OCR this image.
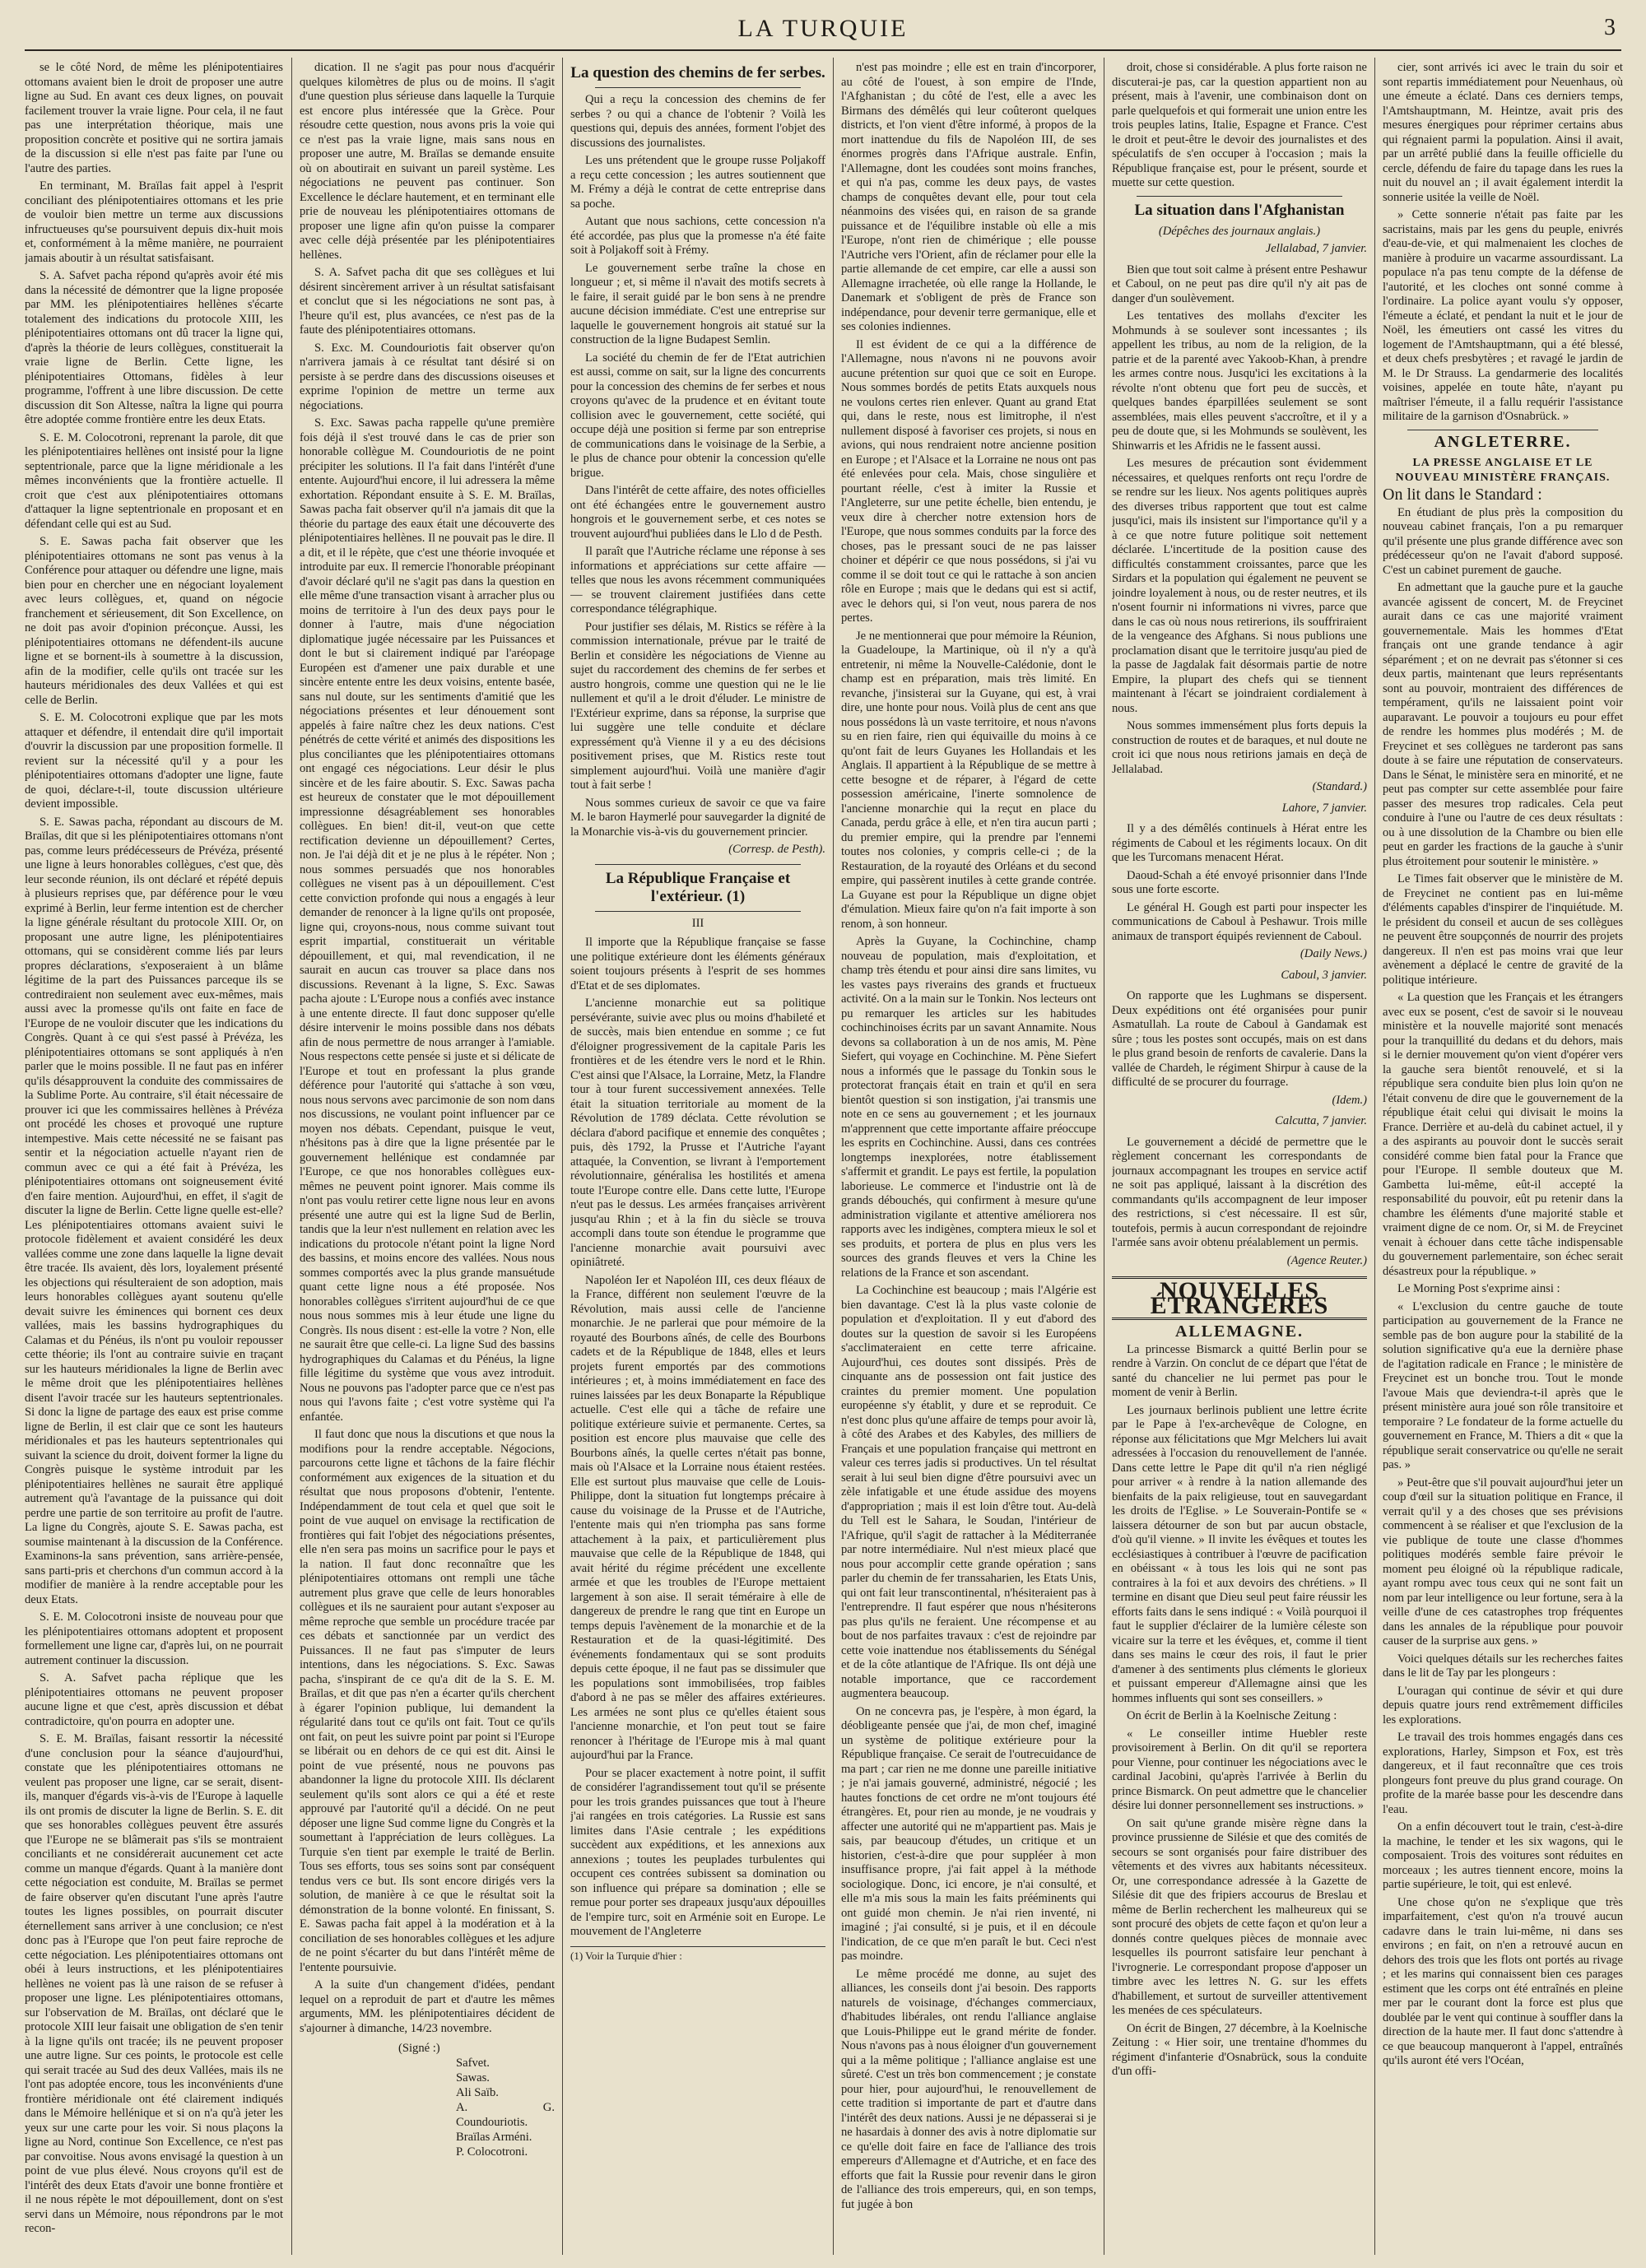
LA TURQUIE	3

se le côté Nord, de même les plénipotentiaires ottomans avaient bien le droit de proposer une autre ligne au Sud. En avant ces deux lignes, on pouvait facilement trouver la vraie ligne. Pour cela, il ne faut pas une interprétation théorique, mais une proposition concrète et positive qui ne sortira jamais de la discussion si elle n'est pas faite par l'une ou l'autre des parties.

En terminant, M. Braïlas fait appel à l'esprit conciliant des plénipotentiaires ottomans et les prie de vouloir bien mettre un terme aux discussions infructueuses qu'se poursuivent depuis dix-huit mois et, conformément à la même manière, ne pourraient jamais aboutir à un résultat satisfaisant.

S. A. Safvet pacha répond qu'après avoir été mis dans la nécessité de démontrer que la ligne proposée par MM. les plénipotentiaires hellènes s'écarte totalement des indications du protocole XIII, les plénipotentiaires ottomans ont dû tracer la ligne qui, d'après la théorie de leurs collègues, constituerait la vraie ligne de Berlin. Cette ligne, les plénipotentiaires Ottomans, fidèles à leur programme, l'offrent à une libre discussion. De cette discussion dit Son Altesse, naîtra la ligne qui pourra être adoptée comme frontière entre les deux Etats.

S. E. M. Colocotroni, reprenant la parole, dit que les plénipotentiaires hellènes ont insisté pour la ligne septentrionale, parce que la ligne méridionale a les mêmes inconvénients que la frontière actuelle. Il croit que c'est aux plénipotentiaires ottomans d'attaquer la ligne septentrionale en proposant et en défendant celle qui est au Sud.

S. E. Sawas pacha fait observer que les plénipotentiaires ottomans ne sont pas venus à la Conférence pour attaquer ou défendre une ligne, mais bien pour en chercher une en négociant loyalement avec leurs collègues, et, quand on négocie franchement et sérieusement, dit Son Excellence, on ne doit pas avoir d'opinion préconçue. Aussi, les plénipotentiaires ottomans ne défendent-ils aucune ligne et se bornent-ils à soumettre à la discussion, afin de la modifier, celle qu'ils ont tracée sur les hauteurs méridionales des deux Vallées et qui est celle de Berlin.

S. E. M. Colocotroni explique que par les mots attaquer et défendre, il entendait dire qu'il importait d'ouvrir la discussion par une proposition formelle. Il revient sur la nécessité qu'il y a pour les plénipotentiaires ottomans d'adopter une ligne, faute de quoi, déclare-t-il, toute discussion ultérieure devient impossible.

S. E. Sawas pacha, répondant au discours de M. Braïlas, dit que si les plénipotentiaires ottomans n'ont pas, comme leurs prédécesseurs de Prévéza, présenté une ligne à leurs honorables collègues, c'est que, dès leur seconde réunion, ils ont déclaré et répété depuis à plusieurs reprises que, par déférence pour le vœu exprimé à Berlin, leur ferme intention est de chercher la ligne générale résultant du protocole XIII. Or, on proposant une autre ligne, les plénipotentiaires ottomans, qui se considèrent comme liés par leurs propres déclarations, s'exposeraient à un blâme légitime de la part des Puissances parceque ils se contrediraient non seulement avec eux-mêmes, mais aussi avec la promesse qu'ils ont faite en face de l'Europe de ne vouloir discuter que les indications du Congrès. Quant à ce qui s'est passé à Prévéza, les plénipotentiaires ottomans se sont appliqués à n'en parler que le moins possible. Il ne faut pas en inférer qu'ils désapprouvent la conduite des commissaires de la Sublime Porte. Au contraire, s'il était nécessaire de prouver ici que les commissaires hellènes à Prévéza ont procédé les choses et provoqué une rupture intempestive. Mais cette nécessité ne se faisant pas sentir et la négociation actuelle n'ayant rien de commun avec ce qui a été fait à Prévéza, les plénipotentiaires ottomans ont soigneusement évité d'en faire mention. Aujourd'hui, en effet, il s'agit de discuter la ligne de Berlin. Cette ligne quelle est-elle? Les plénipotentiaires ottomans avaient suivi le protocole fidèlement et avaient considéré les deux vallées comme une zone dans laquelle la ligne devait être tracée. Ils avaient, dès lors, loyalement présenté les objections qui résulteraient de son adoption, mais leurs honorables collègues ayant soutenu qu'elle devait suivre les éminences qui bornent ces deux vallées, mais les bassins hydrographiques du Calamas et du Pénéus, ils n'ont pu vouloir repousser cette théorie; ils l'ont au contraire suivie en traçant sur les hauteurs méridionales la ligne de Berlin avec le même droit que les plénipotentiaires hellènes disent l'avoir tracée sur les hauteurs septentrionales. Si donc la ligne de partage des eaux est prise comme ligne de Berlin, il est clair que ce sont les hauteurs méridionales et pas les hauteurs septentrionales qui suivant la science du droit, doivent former la ligne du Congrès puisque le système introduit par les plénipotentiaires hellènes ne saurait être appliqué autrement qu'à l'avantage de la puissance qui doit perdre une partie de son territoire au profit de l'autre. La ligne du Congrès, ajoute S. E. Sawas pacha, est soumise maintenant à la discussion de la Conférence. Examinons-la sans prévention, sans arrière-pensée, sans parti-pris et cherchons d'un commun accord à la modifier de manière à la rendre acceptable pour les deux Etats.

S. E. M. Colocotroni insiste de nouveau pour que les plénipotentiaires ottomans adoptent et proposent formellement une ligne car, d'après lui, on ne pourrait autrement continuer la discussion.

S. A. Safvet pacha réplique que les plénipotentiaires ottomans ne peuvent proposer aucune ligne et que c'est, après discussion et débat contradictoire, qu'on pourra en adopter une.

S. E. M. Braïlas, faisant ressortir la nécessité d'une conclusion pour la séance d'aujourd'hui, constate que les plénipotentiaires ottomans ne veulent pas proposer une ligne, car se serait, disent-ils, manquer d'égards vis-à-vis de l'Europe à laquelle ils ont promis de discuter la ligne de Berlin. S. E. dit que ses honorables collègues peuvent être assurés que l'Europe ne se blâmerait pas s'ils se montraient conciliants et ne considérerait aucunement cet acte comme un manque d'égards. Quant à la manière dont cette négociation est conduite, M. Braïlas se permet de faire observer qu'en discutant l'une après l'autre toutes les lignes possibles, on pourrait discuter éternellement sans arriver à une conclusion; ce n'est donc pas à l'Europe que l'on peut faire reproche de cette négociation. Les plénipotentiaires ottomans ont obéi à leurs instructions, et les plénipotentiaires hellènes ne voient pas là une raison de se refuser à proposer une ligne. Les plénipotentiaires ottomans, sur l'observation de M. Braïlas, ont déclaré que le protocole XIII leur faisait une obligation de s'en tenir à la ligne qu'ils ont tracée; ils ne peuvent proposer une autre ligne. Sur ces points, le protocole est celle qui serait tracée au Sud des deux Vallées, mais ils ne l'ont pas adoptée encore, tous les inconvénients d'une frontière méridionale ont été clairement indiqués dans le Mémoire hellénique et si on n'a qu'à jeter les yeux sur une carte pour les voir. Si nous plaçons la ligne au Nord, continue Son Excellence, ce n'est pas par convoitise. Nous avons envisagé la question à un point de vue plus élevé. Nous croyons qu'il est de l'intérêt des deux Etats d'avoir une bonne frontière et il ne nous répète le mot dépouillement, dont on s'est servi dans un Mémoire, nous répondrons par le mot recon-

dication. Il ne s'agit pas pour nous d'acquérir quelques kilomètres de plus ou de moins. Il s'agit d'une question plus sérieuse dans laquelle la Turquie est encore plus intéressée que la Grèce. Pour résoudre cette question, nous avons pris la voie qui ce n'est pas la vraie ligne, mais sans nous en proposer une autre, M. Braïlas se demande ensuite où on aboutirait en suivant un pareil système. Les négociations ne peuvent pas continuer. Son Excellence le déclare hautement, et en terminant elle prie de nouveau les plénipotentiaires ottomans de proposer une ligne afin qu'on puisse la comparer avec celle déjà présentée par les plénipotentiaires hellènes.

S. A. Safvet pacha dit que ses collègues et lui désirent sincèrement arriver à un résultat satisfaisant et conclut que si les négociations ne sont pas, à l'heure qu'il est, plus avancées, ce n'est pas de la faute des plénipotentiaires ottomans.

S. Exc. M. Coundouriotis fait observer qu'on n'arrivera jamais à ce résultat tant désiré si on persiste à se perdre dans des discussions oiseuses et exprime l'opinion de mettre un terme aux négociations.

S. Exc. Sawas pacha rappelle qu'une première fois déjà il s'est trouvé dans le cas de prier son honorable collègue M. Coundouriotis de ne point précipiter les solutions. Il l'a fait dans l'intérêt d'une entente. Aujourd'hui encore, il lui adressera la même exhortation. Répondant ensuite à S. E. M. Braïlas, Sawas pacha fait observer qu'il n'a jamais dit que la théorie du partage des eaux était une découverte des plénipotentiaires hellènes. Il ne pouvait pas le dire. Il a dit, et il le répète, que c'est une théorie invoquée et introduite par eux. Il remercie l'honorable préopinant d'avoir déclaré qu'il ne s'agit pas dans la question en elle même d'une transaction visant à arracher plus ou moins de territoire à l'un des deux pays pour le donner à l'autre, mais d'une négociation diplomatique jugée nécessaire par les Puissances et dont le but si clairement indiqué par l'aréopage Européen est d'amener une paix durable et une sincère entente entre les deux voisins, entente basée, sans nul doute, sur les sentiments d'amitié que les négociations présentes et leur dénouement sont appelés à faire naître chez les deux nations. C'est pénétrés de cette vérité et animés des dispositions les plus conciliantes que les plénipotentiaires ottomans ont engagé ces négociations. Leur désir le plus sincère et de les faire aboutir. S. Exc. Sawas pacha est heureux de constater que le mot dépouillement impressionne désagréablement ses honorables collègues. En bien! dit-il, veut-on que cette rectification devienne un dépouillement? Certes, non. Je l'ai déjà dit et je ne plus à le répéter. Non ; nous sommes persuadés que nos honorables collègues ne visent pas à un dépouillement. C'est cette conviction profonde qui nous a engagés à leur demander de renoncer à la ligne qu'ils ont proposée, ligne qui, croyons-nous, nous comme suivant tout esprit impartial, constituerait un véritable dépouillement, et qui, mal revendication, il ne saurait en aucun cas trouver sa place dans nos discussions. Revenant à la ligne, S. Exc. Sawas pacha ajoute : L'Europe nous a confiés avec instance à une entente directe. Il faut donc supposer qu'elle désire intervenir le moins possible dans nos débats afin de nous permettre de nous arranger à l'amiable. Nous respectons cette pensée si juste et si délicate de l'Europe et tout en professant la plus grande déférence pour l'autorité qui s'attache à son vœu, nous nous servons avec parcimonie de son nom dans nos discussions, ne voulant point influencer par ce moyen nos débats. Cependant, puisque le veut, n'hésitons pas à dire que la ligne présentée par le gouvernement hellénique est condamnée par l'Europe, ce que nos honorables collègues eux-mêmes ne peuvent point ignorer. Mais comme ils n'ont pas voulu retirer cette ligne nous leur en avons présenté une autre qui est la ligne Sud de Berlin, tandis que la leur n'est nullement en relation avec les indications du protocole n'étant point la ligne Nord des bassins, et moins encore des vallées. Nous nous sommes comportés avec la plus grande mansuétude quant cette ligne nous a été proposée. Nos honorables collègues s'irritent aujourd'hui de ce que nous nous sommes mis à leur étude une ligne du Congrès. Ils nous disent : est-elle la votre ? Non, elle ne saurait être que celle-ci. La ligne Sud des bassins hydrographiques du Calamas et du Pénéus, la ligne fille légitime du système que vous avez introduit. Nous ne pouvons pas l'adopter parce que ce n'est pas nous qui l'avons faite ; c'est votre système qui l'a enfantée.

Il faut donc que nous la discutions et que nous la modifions pour la rendre acceptable. Négocions, parcourons cette ligne et tâchons de la faire fléchir conformément aux exigences de la situation et du résultat que nous proposons d'obtenir, l'entente. Indépendamment de tout cela et quel que soit le point de vue auquel on envisage la rectification de frontières qui fait l'objet des négociations présentes, elle n'en sera pas moins un sacrifice pour le pays et la nation. Il faut donc reconnaître que les plénipotentiaires ottomans ont rempli une tâche autrement plus grave que celle de leurs honorables collègues et ils ne sauraient pour autant s'exposer au même reproche que semble un procédure tracée par ces débats et sanctionnée par un verdict des Puissances. Il ne faut pas s'imputer de leurs intentions, dans les négociations. S. Exc. Sawas pacha, s'inspirant de ce qu'a dit de la S. E. M. Braïlas, et dit que pas n'en a écarter qu'ils cherchent à égarer l'opinion publique, lui demandent la régularité dans tout ce qu'ils ont fait. Tout ce qu'ils ont fait, on peut les suivre point par point si l'Europe se libérait ou en dehors de ce qui est dit. Ainsi le point de vue présenté, nous ne pouvons pas abandonner la ligne du protocole XIII. Ils déclarent seulement qu'ils sont alors ce qui a été et reste approuvé par l'autorité qu'il a décidé. On ne peut déposer une ligne Sud comme ligne du Congrès et la soumettant à l'appréciation de leurs collègues. La Turquie s'en tient par exemple le traité de Berlin. Tous ses efforts, tous ses soins sont par conséquent tendus vers ce but. Ils sont encore dirigés vers la solution, de manière à ce que le résultat soit la démonstration de la bonne volonté. En finissant, S. E. Sawas pacha fait appel à la modération et à la conciliation de ses honorables collègues et les adjure de ne point s'écarter du but dans l'intérêt même de l'entente poursuivie.

A la suite d'un changement d'idées, pendant lequel on a reproduit de part et d'autre les mêmes arguments, MM. les plénipotentiaires décident de s'ajourner à dimanche, 14/23 novembre.

(Signé :)
Safvet.
Sawas.
Ali Saïb.
A. G. Coundouriotis.
Braïlas Arméni.
P. Colocotroni.
La question des chemins de fer serbes.

Qui a reçu la concession des chemins de fer serbes ? ou qui a chance de l'obtenir ? Voilà les questions qui, depuis des années, forment l'objet des discussions des journalistes.

Les uns prétendent que le groupe russe Poljakoff a reçu cette concession ; les autres soutiennent que M. Frémy a déjà le contrat de cette entreprise dans sa poche.

Autant que nous sachions, cette concession n'a été accordée, pas plus que la promesse n'a été faite soit à Poljakoff soit à Frémy.

Le gouvernement serbe traîne la chose en longueur ; et, si même il n'avait des motifs secrets à le faire, il serait guidé par le bon sens à ne prendre aucune décision immédiate. C'est une entreprise sur laquelle le gouvernement hongrois ait statué sur la construction de la ligne Budapest Semlin.

La société du chemin de fer de l'Etat autrichien est aussi, comme on sait, sur la ligne des concurrents pour la concession des chemins de fer serbes et nous croyons qu'avec de la prudence et en évitant toute collision avec le gouvernement, cette société, qui occupe déjà une position si ferme par son entreprise de communications dans le voisinage de la Serbie, a le plus de chance pour obtenir la concession qu'elle brigue.

Dans l'intérêt de cette affaire, des notes officielles ont été échangées entre le gouvernement austro hongrois et le gouvernement serbe, et ces notes se trouvent aujourd'hui publiées dans le Llo d de Pesth.

Il paraît que l'Autriche réclame une réponse à ses informations et appréciations sur cette affaire — telles que nous les avons récemment communiquées — se trouvent clairement justifiées dans cette correspondance télégraphique.

Pour justifier ses délais, M. Ristics se réfère à la commission internationale, prévue par le traité de Berlin et considère les négociations de Vienne au sujet du raccordement des chemins de fer serbes et austro hongrois, comme une question qui ne le lie nullement et qu'il a le droit d'éluder. Le ministre de l'Extérieur exprime, dans sa réponse, la surprise que lui suggère une telle conduite et déclare expressément qu'à Vienne il y a eu des décisions positivement prises, que M. Ristics reste tout simplement aujourd'hui. Voilà une manière d'agir tout à fait serbe !

Nous sommes curieux de savoir ce que va faire M. le baron Haymerlé pour sauvegarder la dignité de la Monarchie vis-à-vis du gouvernement princier.

(Corresp. de Pesth).
La République Française et l'extérieur. (1)
III

Il importe que la République française se fasse une politique extérieure dont les éléments généraux soient toujours présents à l'esprit de ses hommes d'Etat et de ses diplomates.

L'ancienne monarchie eut sa politique persévérante, suivie avec plus ou moins d'habileté et de succès, mais bien entendue en somme ; ce fut d'éloigner progressivement de la capitale Paris les frontières et de les étendre vers le nord et le Rhin. C'est ainsi que l'Alsace, la Lorraine, Metz, la Flandre tour à tour furent successivement annexées. Telle était la situation territoriale au moment de la Révolution de 1789 déclata. Cette révolution se déclara d'abord pacifique et ennemie des conquêtes ; puis, dès 1792, la Prusse et l'Autriche l'ayant attaquée, la Convention, se livrant à l'emportement révolutionnaire, généralisa les hostilités et amena toute l'Europe contre elle. Dans cette lutte, l'Europe n'eut pas le dessus. Les armées françaises arrivèrent jusqu'au Rhin ; et à la fin du siècle se trouva accompli dans toute son étendue le programme que l'ancienne monarchie avait poursuivi avec opiniâtreté.

Napoléon Ier et Napoléon III, ces deux fléaux de la France, différent non seulement l'œuvre de la Révolution, mais aussi celle de l'ancienne monarchie. Je ne parlerai que pour mémoire de la royauté des Bourbons aînés, de celle des Bourbons cadets et de la République de 1848, elles et leurs projets furent emportés par des commotions intérieures ; et, à moins immédiatement en face des ruines laissées par les deux Bonaparte la République actuelle. C'est elle qui a tâche de refaire une politique extérieure suivie et permanente. Certes, sa position est encore plus mauvaise que celle des Bourbons aînés, la quelle certes n'était pas bonne, mais où l'Alsace et la Lorraine nous étaient restées. Elle est surtout plus mauvaise que celle de Louis-Philippe, dont la situation fut longtemps précaire à cause du voisinage de la Prusse et de l'Autriche, l'entente mais qui n'en triompha pas sans forme attachement à la paix, et particulièrement plus mauvaise que celle de la République de 1848, qui avait hérité du régime précédent une excellente armée et que les troubles de l'Europe mettaient largement à son aise. Il serait téméraire à elle de dangereux de prendre le rang que tint en Europe un temps depuis l'avènement de la monarchie et de la Restauration et de la quasi-légitimité. Des événements fondamentaux qui se sont produits depuis cette époque, il ne faut pas se dissimuler que les populations sont immobilisées, trop faibles d'abord à ne pas se mêler des affaires extérieures. Les armées ne sont plus ce qu'elles étaient sous l'ancienne monarchie, et l'on peut tout se faire renoncer à l'héritage de l'Europe mis à mal quant aujourd'hui par la France.

Pour se placer exactement à notre point, il suffit de considérer l'agrandissement tout qu'il se présente pour les trois grandes puissances que tout à l'heure j'ai rangées en trois catégories. La Russie est sans limites dans l'Asie centrale ; les expéditions succèdent aux expéditions, et les annexions aux annexions ; toutes les peuplades turbulentes qui occupent ces contrées subissent sa domination ou son influence qui prépare sa domination ; elle se remue pour porter ses drapeaux jusqu'aux dépouilles de l'empire turc, soit en Arménie soit en Europe. Le mouvement de l'Angleterre

(1) Voir la Turquie d'hier :

n'est pas moindre ; elle est en train d'incorporer, au côté de l'ouest, à son empire de l'Inde, l'Afghanistan ; du côté de l'est, elle a avec les Birmans des démêlés qui leur coûteront quelques districts, et l'on vient d'être informé, à propos de la mort inattendue du fils de Napoléon III, de ses énormes progrès dans l'Afrique australe. Enfin, l'Allemagne, dont les coudées sont moins franches, et qui n'a pas, comme les deux pays, de vastes champs de conquêtes devant elle, pour tout cela néanmoins des visées qui, en raison de sa grande puissance et de l'équilibre instable où elle a mis l'Europe, n'ont rien de chimérique ; elle pousse l'Autriche vers l'Orient, afin de réclamer pour elle la partie allemande de cet empire, car elle a aussi son Allemagne irrachetée, où elle range la Hollande, le Danemark et s'obligent de près de France son indépendance, pour devenir terre germanique, elle et ses colonies indiennes.

Il est évident de ce qui a la différence de l'Allemagne, nous n'avons ni ne pouvons avoir aucune prétention sur quoi que ce soit en Europe. Nous sommes bordés de petits Etats auxquels nous ne voulons certes rien enlever. Quant au grand Etat qui, dans le reste, nous est limitrophe, il n'est nullement disposé à favoriser ces projets, si nous en avions, qui nous rendraient notre ancienne position en Europe ; et l'Alsace et la Lorraine ne nous ont pas été enlevées pour cela. Mais, chose singulière et pourtant réelle, c'est à imiter la Russie et l'Angleterre, sur une petite échelle, bien entendu, je veux dire à chercher notre extension hors de l'Europe, que nous sommes conduits par la force des choses, pas le pressant souci de ne pas laisser choiner et dépérir ce que nous possédons, si j'ai vu comme il se doit tout ce qui le rattache à son ancien rôle en Europe ; mais que le dedans qui est si actif, avec le dehors qui, si l'on veut, nous parera de nos pertes.

Je ne mentionnerai que pour mémoire la Réunion, la Guadeloupe, la Martinique, où il n'y a qu'à entretenir, ni même la Nouvelle-Calédonie, dont le champ est en préparation, mais très limité. En revanche, j'insisterai sur la Guyane, qui est, à vrai dire, une honte pour nous. Voilà plus de cent ans que nous possédons là un vaste territoire, et nous n'avons su en rien faire, rien qui équivaille du moins à ce qu'ont fait de leurs Guyanes les Hollandais et les Anglais. Il appartient à la République de se mettre à cette besogne et de réparer, à l'égard de cette possession américaine, l'inerte somnolence de l'ancienne monarchie qui la reçut en place du Canada, perdu grâce à elle, et n'en tira aucun parti ; du premier empire, qui la prendre par l'ennemi toutes nos colonies, y compris celle-ci ; de la Restauration, de la royauté des Orléans et du second empire, qui passèrent inutiles à cette grande contrée. La Guyane est pour la République un digne objet d'émulation. Mieux faire qu'on n'a fait importe à son renom, à son honneur.

Après la Guyane, la Cochinchine, champ nouveau de population, mais d'exploitation, et champ très étendu et pour ainsi dire sans limites, vu les vastes pays riverains des grands et fructueux activité. On a la main sur le Tonkin. Nos lecteurs ont pu remarquer les articles sur les habitudes cochinchinoises écrits par un savant Annamite. Nous devons sa collaboration à un de nos amis, M. Pène Siefert, qui voyage en Cochinchine. M. Pène Siefert nous a informés que le passage du Tonkin sous le protectorat français était en train et qu'il en sera bientôt question si son instigation, j'ai transmis une note en ce sens au gouvernement ; et les journaux m'apprennent que cette importante affaire préoccupe les esprits en Cochinchine. Aussi, dans ces contrées longtemps inexplorées, notre établissement s'affermit et grandit. Le pays est fertile, la population laborieuse. Le commerce et l'industrie ont là de grands débouchés, qui confirment à mesure qu'une administration vigilante et attentive améliorera nos rapports avec les indigènes, comptera mieux le sol et ses produits, et portera de plus en plus vers les sources des grands fleuves et vers la Chine les relations de la France et son ascendant.

La Cochinchine est beaucoup ; mais l'Algérie est bien davantage. C'est là la plus vaste colonie de population et d'exploitation. Il y eut d'abord des doutes sur la question de savoir si les Européens s'acclimateraient en cette terre africaine. Aujourd'hui, ces doutes sont dissipés. Près de cinquante ans de possession ont fait justice des craintes du premier moment. Une population européenne s'y établit, y dure et se reproduit. Ce n'est donc plus qu'une affaire de temps pour avoir là, à côté des Arabes et des Kabyles, des milliers de Français et une population française qui mettront en valeur ces terres jadis si productives. Un tel résultat serait à lui seul bien digne d'être poursuivi avec un zèle infatigable et une étude assidue des moyens d'appropriation ; mais il est loin d'être tout. Au-delà du Tell est le Sahara, le Soudan, l'intérieur de l'Afrique, qu'il s'agit de rattacher à la Méditerranée par notre intermédiaire. Nul n'est mieux placé que nous pour accomplir cette grande opération ; sans parler du chemin de fer transsaharien, les Etats Unis, qui ont fait leur transcontinental, n'hésiteraient pas à l'entreprendre. Il faut espérer que nous n'hésiterons pas plus qu'ils ne feraient. Une récompense et au bout de nos parfaites travaux : c'est de rejoindre par cette voie inattendue nos établissements du Sénégal et de la côte atlantique de l'Afrique. Ils ont déjà une notable importance, que ce raccordement augmentera beaucoup.

On ne concevra pas, je l'espère, à mon égard, la déobligeante pensée que j'ai, de mon chef, imaginé un système de politique extérieure pour la République française. Ce serait de l'outrecuidance de ma part ; car rien ne me donne une pareille initiative ; je n'ai jamais gouverné, administré, négocié ; les hautes fonctions de cet ordre ne m'ont toujours été étrangères. Et, pour rien au monde, je ne voudrais y affecter une autorité qui ne m'appartient pas. Mais je sais, par beaucoup d'études, un critique et un historien, c'est-à-dire que pour suppléer à mon insuffisance propre, j'ai fait appel à la méthode sociologique. Donc, ici encore, je n'ai consulté, et elle m'a mis sous la main les faits prééminents qui ont guidé mon chemin. Je n'ai rien inventé, ni imaginé ; j'ai consulté, si je puis, et il en découle l'indication, de ce que m'en paraît le but. Ceci n'est pas moindre.

Le même procédé me donne, au sujet des alliances, les conseils dont j'ai besoin. Des rapports naturels de voisinage, d'échanges commerciaux, d'habitudes libérales, ont rendu l'alliance anglaise que Louis-Philippe eut le grand mérite de fonder. Nous n'avons pas à nous éloigner d'un gouvernement qui a la même politique ; l'alliance anglaise est une sûreté. C'est un très bon commencement ; je constate pour hier, pour aujourd'hui, le renouvellement de cette tradition si importante de part et d'autre dans l'intérêt des deux nations. Aussi je ne dépasserai si je ne hasardais à donner des avis à notre diplomatie sur ce qu'elle doit faire en face de l'alliance des trois empereurs d'Allemagne et d'Autriche, et en face des efforts que fait la Russie pour revenir dans le giron de l'alliance des trois empereurs, qui, en son temps, fut jugée à bon

droit, chose si considérable. A plus forte raison ne discuterai-je pas, car la question appartient non au présent, mais à l'avenir, une combinaison dont on parle quelquefois et qui formerait une union entre les trois peuples latins, Italie, Espagne et France. C'est le droit et peut-être le devoir des journalistes et des spéculatifs de s'en occuper à l'occasion ; mais la République française est, pour le présent, sourde et muette sur cette question.

La situation dans l'Afghanistan
(Dépêches des journaux anglais.)
Jellalabad, 7 janvier.

Bien que tout soit calme à présent entre Peshawur et Caboul, on ne peut pas dire qu'il n'y ait pas de danger d'un soulèvement.

Les tentatives des mollahs d'exciter les Mohmunds à se soulever sont incessantes ; ils appellent les tribus, au nom de la religion, de la patrie et de la parenté avec Yakoob-Khan, à prendre les armes contre nous. Jusqu'ici les excitations à la révolte n'ont obtenu que fort peu de succès, et quelques bandes éparpillées seulement se sont assemblées, mais elles peuvent s'accroître, et il y a peu de doute que, si les Mohmunds se soulèvent, les Shinwarris et les Afridis ne le fassent aussi.

Les mesures de précaution sont évidemment nécessaires, et quelques renforts ont reçu l'ordre de se rendre sur les lieux. Nos agents politiques auprès des diverses tribus rapportent que tout est calme jusqu'ici, mais ils insistent sur l'importance qu'il y a à ce que notre future politique soit nettement déclarée. L'incertitude de la position cause des difficultés constamment croissantes, parce que les Sirdars et la population qui également ne peuvent se joindre loyalement à nous, ou de rester neutres, et ils n'osent fournir ni informations ni vivres, parce que dans le cas où nous nous retirerions, ils souffriraient de la vengeance des Afghans. Si nous publions une proclamation disant que le territoire jusqu'au pied de la passe de Jagdalak fait désormais partie de notre Empire, la plupart des chefs qui se tiennent maintenant à l'écart se joindraient cordialement à nous.

Nous sommes immensément plus forts depuis la construction de routes et de baraques, et nul doute ne croit ici que nous nous retirions jamais en deçà de Jellalabad.

(Standard.)
Lahore, 7 janvier.

Il y a des démêlés continuels à Hérat entre les régiments de Caboul et les régiments locaux. On dit que les Turcomans menacent Hérat.

Daoud-Schah a été envoyé prisonnier dans l'Inde sous une forte escorte.

Le général H. Gough est parti pour inspecter les communications de Caboul à Peshawur. Trois mille animaux de transport équipés reviennent de Caboul.

(Daily News.)
Caboul, 3 janvier.

On rapporte que les Lughmans se dispersent. Deux expéditions ont été organisées pour punir Asmatullah. La route de Caboul à Gandamak est sûre ; tous les postes sont occupés, mais on est dans le plus grand besoin de renforts de cavalerie. Dans la vallée de Chardeh, le régiment Shirpur à cause de la difficulté de se procurer du fourrage.

(Idem.)
Calcutta, 7 janvier.

Le gouvernement a décidé de permettre que le règlement concernant les correspondants de journaux accompagnant les troupes en service actif ne soit pas appliqué, laissant à la discrétion des commandants qu'ils accompagnent de leur imposer des restrictions, si c'est nécessaire. Il est sûr, toutefois, permis à aucun correspondant de rejoindre l'armée sans avoir obtenu préalablement un permis.

(Agence Reuter.)
NOUVELLES ÉTRANGÈRES
ALLEMAGNE.

La princesse Bismarck a quitté Berlin pour se rendre à Varzin. On conclut de ce départ que l'état de santé du chancelier ne lui permet pas pour le moment de venir à Berlin.

Les journaux berlinois publient une lettre écrite par le Pape à l'ex-archevêque de Cologne, en réponse aux félicitations que Mgr Melchers lui avait adressées à l'occasion du renouvellement de l'année. Dans cette lettre le Pape dit qu'il n'a rien négligé pour arriver « à rendre à la nation allemande des bienfaits de la paix religieuse, tout en sauvegardant les droits de l'Eglise. » Le Souverain-Pontife se « laissera détourner de son but par aucun obstacle, d'où qu'il vienne. » Il invite les évêques et toutes les ecclésiastiques à contribuer à l'œuvre de pacification en obéissant « à tous les lois qui ne sont pas contraires à la foi et aux devoirs des chrétiens. » Il termine en disant que Dieu seul peut faire réussir les efforts faits dans le sens indiqué : « Voilà pourquoi il faut le supplier d'éclairer de la lumière céleste son vicaire sur la terre et les évêques, et, comme il tient dans ses mains le cœur des rois, il faut le prier d'amener à des sentiments plus cléments le glorieux et puissant empereur d'Allemagne ainsi que les hommes influents qui sont ses conseillers. »

On écrit de Berlin à la Koelnische Zeitung :

« Le conseiller intime Huebler reste provisoirement à Berlin. On dit qu'il se reportera pour Vienne, pour continuer les négociations avec le cardinal Jacobini, qu'après l'arrivée à Berlin du prince Bismarck. On peut admettre que le chancelier désire lui donner personnellement ses instructions. »

On sait qu'une grande misère règne dans la province prussienne de Silésie et que des comités de secours se sont organisés pour faire distribuer des vêtements et des vivres aux habitants nécessiteux. Or, une correspondance adressée à la Gazette de Silésie dit que des fripiers accourus de Breslau et même de Berlin recherchent les malheureux qui se sont procuré des objets de cette façon et qu'on leur a donnés contre quelques pièces de monnaie avec lesquelles ils pourront satisfaire leur penchant à l'ivrognerie. Le correspondant propose d'apposer un timbre avec les lettres N. G. sur les effets d'habillement, et surtout de surveiller attentivement les menées de ces spéculateurs.

On écrit de Bingen, 27 décembre, à la Koelnische Zeitung : « Hier soir, une trentaine d'hommes du régiment d'infanterie d'Osnabrück, sous la conduite d'un offi-

cier, sont arrivés ici avec le train du soir et sont repartis immédiatement pour Neuenhaus, où une émeute a éclaté. Dans ces derniers temps, l'Amtshauptmann, M. Heintze, avait pris des mesures énergiques pour réprimer certains abus qui régnaient parmi la population. Ainsi il avait, par un arrêté publié dans la feuille officielle du cercle, défendu de faire du tapage dans les rues la nuit du nouvel an ; il avait également interdit la sonnerie usitée la veille de Noël.

» Cette sonnerie n'était pas faite par les sacristains, mais par les gens du peuple, enivrés d'eau-de-vie, et qui malmenaient les cloches de manière à produire un vacarme assourdissant. La populace n'a pas tenu compte de la défense de l'autorité, et les cloches ont sonné comme à l'ordinaire. La police ayant voulu s'y opposer, l'émeute a éclaté, et pendant la nuit et le jour de Noël, les émeutiers ont cassé les vitres du logement de l'Amtshauptmann, qui a été blessé, et deux chefs presbytères ; et ravagé le jardin de M. le Dr Strauss. La gendarmerie des localités voisines, appelée en toute hâte, n'ayant pu maîtriser l'émeute, il a fallu requérir l'assistance militaire de la garnison d'Osnabrück. »

ANGLETERRE.
LA PRESSE ANGLAISE ET LE NOUVEAU MINISTÈRE FRANÇAIS.
On lit dans le Standard :

En étudiant de plus près la composition du nouveau cabinet français, l'on a pu remarquer qu'il présente une plus grande différence avec son prédécesseur qu'on ne l'avait d'abord supposé. C'est un cabinet purement de gauche.

En admettant que la gauche pure et la gauche avancée agissent de concert, M. de Freycinet aurait dans ce cas une majorité vraiment gouvernementale. Mais les hommes d'Etat français ont une grande tendance à agir séparément ; et on ne devrait pas s'étonner si ces deux partis, maintenant que leurs représentants sont au pouvoir, montraient des différences de tempérament, qu'ils ne laissaient point voir auparavant. Le pouvoir a toujours eu pour effet de rendre les hommes plus modérés ; M. de Freycinet et ses collègues ne tarderont pas sans doute à se faire une réputation de conservateurs. Dans le Sénat, le ministère sera en minorité, et ne peut pas compter sur cette assemblée pour faire passer des mesures trop radicales. Cela peut conduire à l'une ou l'autre de ces deux résultats : ou à une dissolution de la Chambre ou bien elle peut en garder les fractions de la gauche à s'unir plus étroitement pour soutenir le ministère. »

Le Times fait observer que le ministère de M. de Freycinet ne contient pas en lui-même d'éléments capables d'inspirer de l'inquiétude. M. le président du conseil et aucun de ses collègues ne peuvent être soupçonnés de nourrir des projets dangereux. Il n'en est pas moins vrai que leur avènement a déplacé le centre de gravité de la politique intérieure.

« La question que les Français et les étrangers avec eux se posent, c'est de savoir si le nouveau ministère et la nouvelle majorité sont menacés pour la tranquillité du dedans et du dehors, mais si le dernier mouvement qu'on vient d'opérer vers la gauche sera bientôt renouvelé, et si la république sera conduite bien plus loin qu'on ne l'était convenu de dire que le gouvernement de la république était celui qui divisait le moins la France. Derrière et au-delà du cabinet actuel, il y a des aspirants au pouvoir dont le succès serait considéré comme bien fatal pour la France que pour l'Europe. Il semble douteux que M. Gambetta lui-même, eût-il accepté la responsabilité du pouvoir, eût pu retenir dans la chambre les éléments d'une majorité stable et vraiment digne de ce nom. Or, si M. de Freycinet venait à échouer dans cette tâche indispensable du gouvernement parlementaire, son échec serait désastreux pour la république. »

Le Morning Post s'exprime ainsi :

« L'exclusion du centre gauche de toute participation au gouvernement de la France ne semble pas de bon augure pour la stabilité de la solution significative qu'a eue la dernière phase de l'agitation radicale en France ; le ministère de Freycinet est un bonche trou. Tout le monde l'avoue Mais que deviendra-t-il après que le présent ministère aura joué son rôle transitoire et temporaire ? Le fondateur de la forme actuelle du gouvernement en France, M. Thiers a dit « que la république serait conservatrice ou qu'elle ne serait pas. »

» Peut-être que s'il pouvait aujourd'hui jeter un coup d'œil sur la situation politique en France, il verrait qu'il y a des choses que ses prévisions commencent à se réaliser et que l'exclusion de la vie publique de toute une classe d'hommes politiques modérés semble faire prévoir le moment peu éloigné où la république radicale, ayant rompu avec tous ceux qui ne sont fait un nom par leur intelligence ou leur fortune, sera à la veille d'une de ces catastrophes trop fréquentes dans les annales de la république pour pouvoir causer de la surprise aux gens. »

Voici quelques détails sur les recherches faites dans le lit de Tay par les plongeurs :

L'ouragan qui continue de sévir et qui dure depuis quatre jours rend extrêmement difficiles les explorations.

Le travail des trois hommes engagés dans ces explorations, Harley, Simpson et Fox, est très dangereux, et il faut reconnaître que ces trois plongeurs font preuve du plus grand courage. On profite de la marée basse pour les descendre dans l'eau.

On a enfin découvert tout le train, c'est-à-dire la machine, le tender et les six wagons, qui le composaient. Trois des voitures sont réduites en morceaux ; les autres tiennent encore, moins la partie supérieure, le toit, qui est enlevé.

Une chose qu'on ne s'explique que très imparfaitement, c'est qu'on n'a trouvé aucun cadavre dans le train lui-même, ni dans ses environs ; en fait, on n'en a retrouvé aucun en dehors des trois que les flots ont portés au rivage ; et les marins qui connaissent bien ces parages estiment que les corps ont été entraînés en pleine mer par le courant dont la force est plus que doublée par le vent qui continue à souffler dans la direction de la haute mer. Il faut donc s'attendre à ce que beaucoup manqueront à l'appel, entraînés qu'ils auront été vers l'Océan,
